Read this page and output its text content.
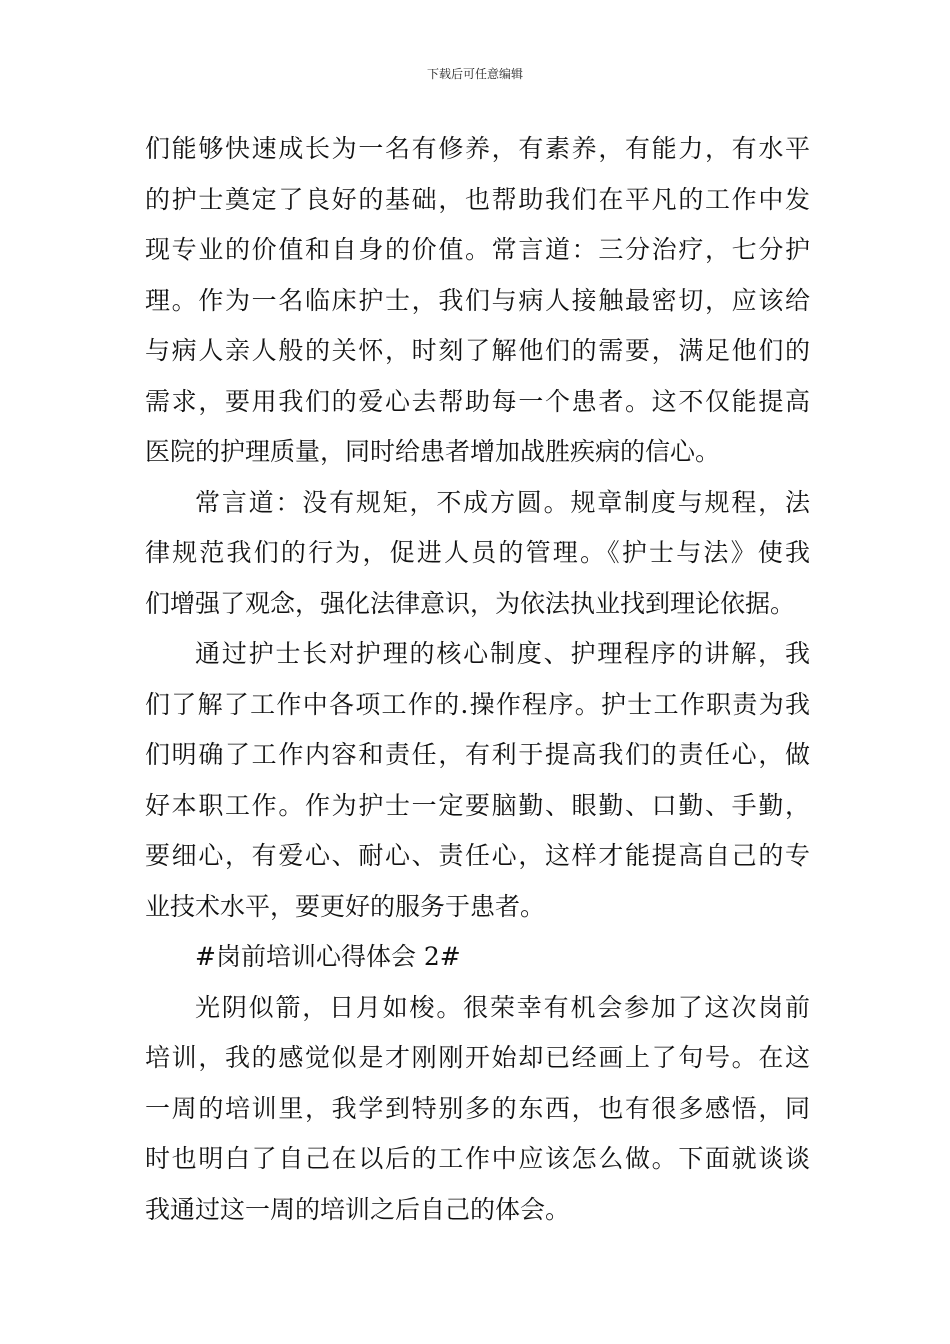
下载后可任意编辑
们能够快速成长为一名有修养，有素养，有能力，有水平
的护士奠定了良好的基础，也帮助我们在平凡的工作中发
现专业的价值和自身的价值。常言道：三分治疗，七分护
理。作为一名临床护士，我们与病人接触最密切，应该给
与病人亲人般的关怀，时刻了解他们的需要，满足他们的
需求，要用我们的爱心去帮助每一个患者。这不仅能提高
医院的护理质量，同时给患者增加战胜疾病的信心。
常言道：没有规矩，不成方圆。规章制度与规程，法
律规范我们的行为，促进人员的管理。《护士与法》使我
们增强了观念，强化法律意识，为依法执业找到理论依据。
通过护士长对护理的核心制度、护理程序的讲解，我
们了解了工作中各项工作的.操作程序。护士工作职责为我
们明确了工作内容和责任，有利于提高我们的责任心，做
好本职工作。作为护士一定要脑勤、眼勤、口勤、手勤，
要细心，有爱心、耐心、责任心，这样才能提高自己的专
业技术水平，要更好的服务于患者。
#岗前培训心得体会 2#
光阴似箭，日月如梭。很荣幸有机会参加了这次岗前
培训，我的感觉似是才刚刚开始却已经画上了句号。在这
一周的培训里，我学到特别多的东西，也有很多感悟，同
时也明白了自己在以后的工作中应该怎么做。下面就谈谈
我通过这一周的培训之后自己的体会。
